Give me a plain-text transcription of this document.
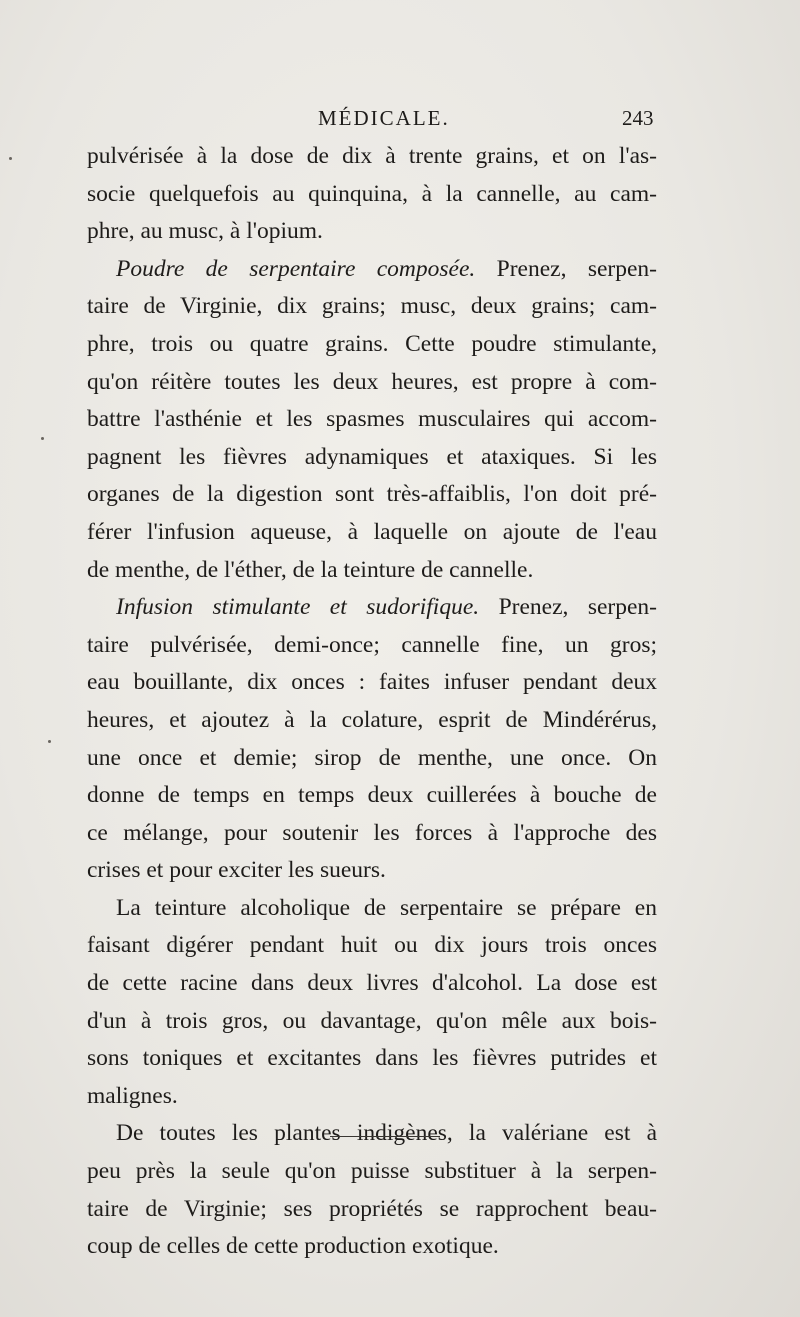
MÉDICALE.	243
pulvérisée à la dose de dix à trente grains, et on l'as-
socie quelquefois au quinquina, à la cannelle, au cam-
phre, au musc, à l'opium.
Poudre de serpentaire composée. Prenez, serpen-
taire de Virginie, dix grains; musc, deux grains; cam-
phre, trois ou quatre grains. Cette poudre stimulante,
qu'on réitère toutes les deux heures, est propre à com-
battre l'asthénie et les spasmes musculaires qui accom-
pagnent les fièvres adynamiques et ataxiques. Si les
organes de la digestion sont très-affaiblis, l'on doit pré-
férer l'infusion aqueuse, à laquelle on ajoute de l'eau
de menthe, de l'éther, de la teinture de cannelle.
Infusion stimulante et sudorifique. Prenez, serpen-
taire pulvérisée, demi-once; cannelle fine, un gros;
eau bouillante, dix onces : faites infuser pendant deux
heures, et ajoutez à la colature, esprit de Mindérérus,
une once et demie; sirop de menthe, une once. On
donne de temps en temps deux cuillerées à bouche de
ce mélange, pour soutenir les forces à l'approche des
crises et pour exciter les sueurs.
La teinture alcoholique de serpentaire se prépare en
faisant digérer pendant huit ou dix jours trois onces
de cette racine dans deux livres d'alcohol. La dose est
d'un à trois gros, ou davantage, qu'on mêle aux bois-
sons toniques et excitantes dans les fièvres putrides et
malignes.
De toutes les plantes indigènes, la valériane est à
peu près la seule qu'on puisse substituer à la serpen-
taire de Virginie; ses propriétés se rapprochent beau-
coup de celles de cette production exotique.
